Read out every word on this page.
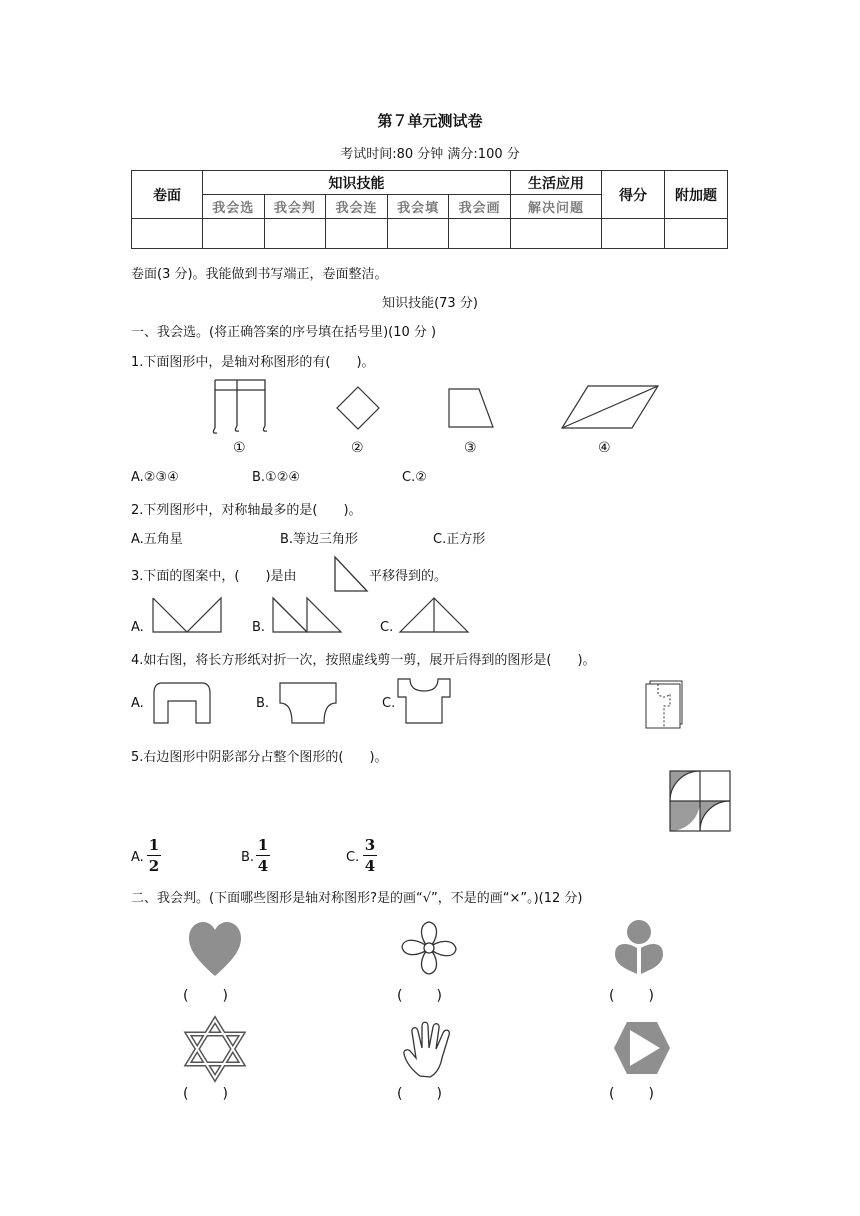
第７单元测试卷
考试时间:80 分钟 满分:100 分
卷面	知识技能					生活应用	得分	附加题
	我会选	我会判	我会连	我会填	我会画	解决问题		

卷面(3 分)。我能做到书写端正，卷面整洁。
知识技能(73 分)
一、我会选。(将正确答案的序号填在括号里)(10 分 )
1.下面图形中，是轴对称图形的有(　　)。
①	②	③	④
A.②③④	B.①②④	C.②
2.下列图形中，对称轴最多的是(　　)。
A.五角星	B.等边三角形	C.正方形
3.下面的图案中，(　　)是由	平移得到的。
A.	B.	C.
4.如右图，将长方形纸对折一次，按照虚线剪一剪，展开后得到的图形是(　　)。
A.	B.	C.
5.右边图形中阴影部分占整个图形的(　　)。
A.
1
2	B.
1
4	C.
3
4
二、我会判。(下面哪些图形是轴对称图形?是的画“√”，不是的画“×”。)(12 分)
(　　)	(　　)	(　　)
(　　)	(　　)	(　　)
